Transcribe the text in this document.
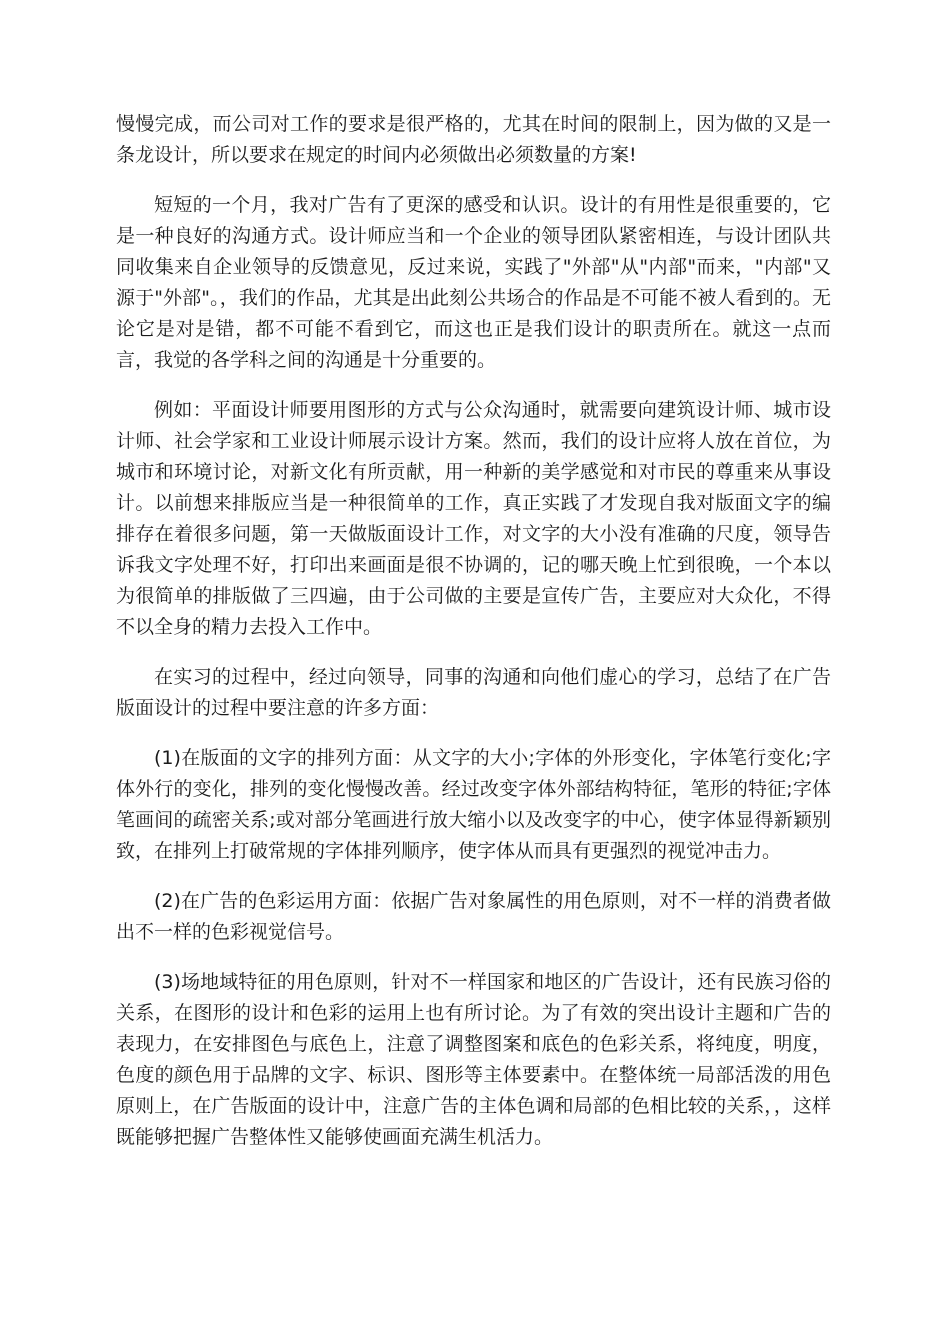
慢慢完成，而公司对工作的要求是很严格的，尤其在时间的限制上，因为做的又是一条龙设计，所以要求在规定的时间内必须做出必须数量的方案!

短短的一个月，我对广告有了更深的感受和认识。设计的有用性是很重要的，它是一种良好的沟通方式。设计师应当和一个企业的领导团队紧密相连，与设计团队共同收集来自企业领导的反馈意见，反过来说，实践了"外部"从"内部"而来，"内部"又源于"外部"。，我们的作品，尤其是出此刻公共场合的作品是不可能不被人看到的。无论它是对是错，都不可能不看到它，而这也正是我们设计的职责所在。就这一点而言，我觉的各学科之间的沟通是十分重要的。

例如：平面设计师要用图形的方式与公众沟通时，就需要向建筑设计师、城市设计师、社会学家和工业设计师展示设计方案。然而，我们的设计应将人放在首位，为城市和环境讨论，对新文化有所贡献，用一种新的美学感觉和对市民的尊重来从事设计。以前想来排版应当是一种很简单的工作，真正实践了才发现自我对版面文字的编排存在着很多问题，第一天做版面设计工作，对文字的大小没有准确的尺度，领导告诉我文字处理不好，打印出来画面是很不协调的，记的哪天晚上忙到很晚，一个本以为很简单的排版做了三四遍，由于公司做的主要是宣传广告，主要应对大众化，不得不以全身的精力去投入工作中。

在实习的过程中，经过向领导，同事的沟通和向他们虚心的学习，总结了在广告版面设计的过程中要注意的许多方面：

(1)在版面的文字的排列方面：从文字的大小;字体的外形变化，字体笔行变化;字体外行的变化，排列的变化慢慢改善。经过改变字体外部结构特征，笔形的特征;字体笔画间的疏密关系;或对部分笔画进行放大缩小以及改变字的中心，使字体显得新颖别致，在排列上打破常规的字体排列顺序，使字体从而具有更强烈的视觉冲击力。

(2)在广告的色彩运用方面：依据广告对象属性的用色原则，对不一样的消费者做出不一样的色彩视觉信号。

(3)场地域特征的用色原则，针对不一样国家和地区的广告设计，还有民族习俗的关系，在图形的设计和色彩的运用上也有所讨论。为了有效的突出设计主题和广告的表现力，在安排图色与底色上，注意了调整图案和底色的色彩关系，将纯度，明度，色度的颜色用于品牌的文字、标识、图形等主体要素中。在整体统一局部活泼的用色原则上，在广告版面的设计中，注意广告的主体色调和局部的色相比较的关系，，这样既能够把握广告整体性又能够使画面充满生机活力。
